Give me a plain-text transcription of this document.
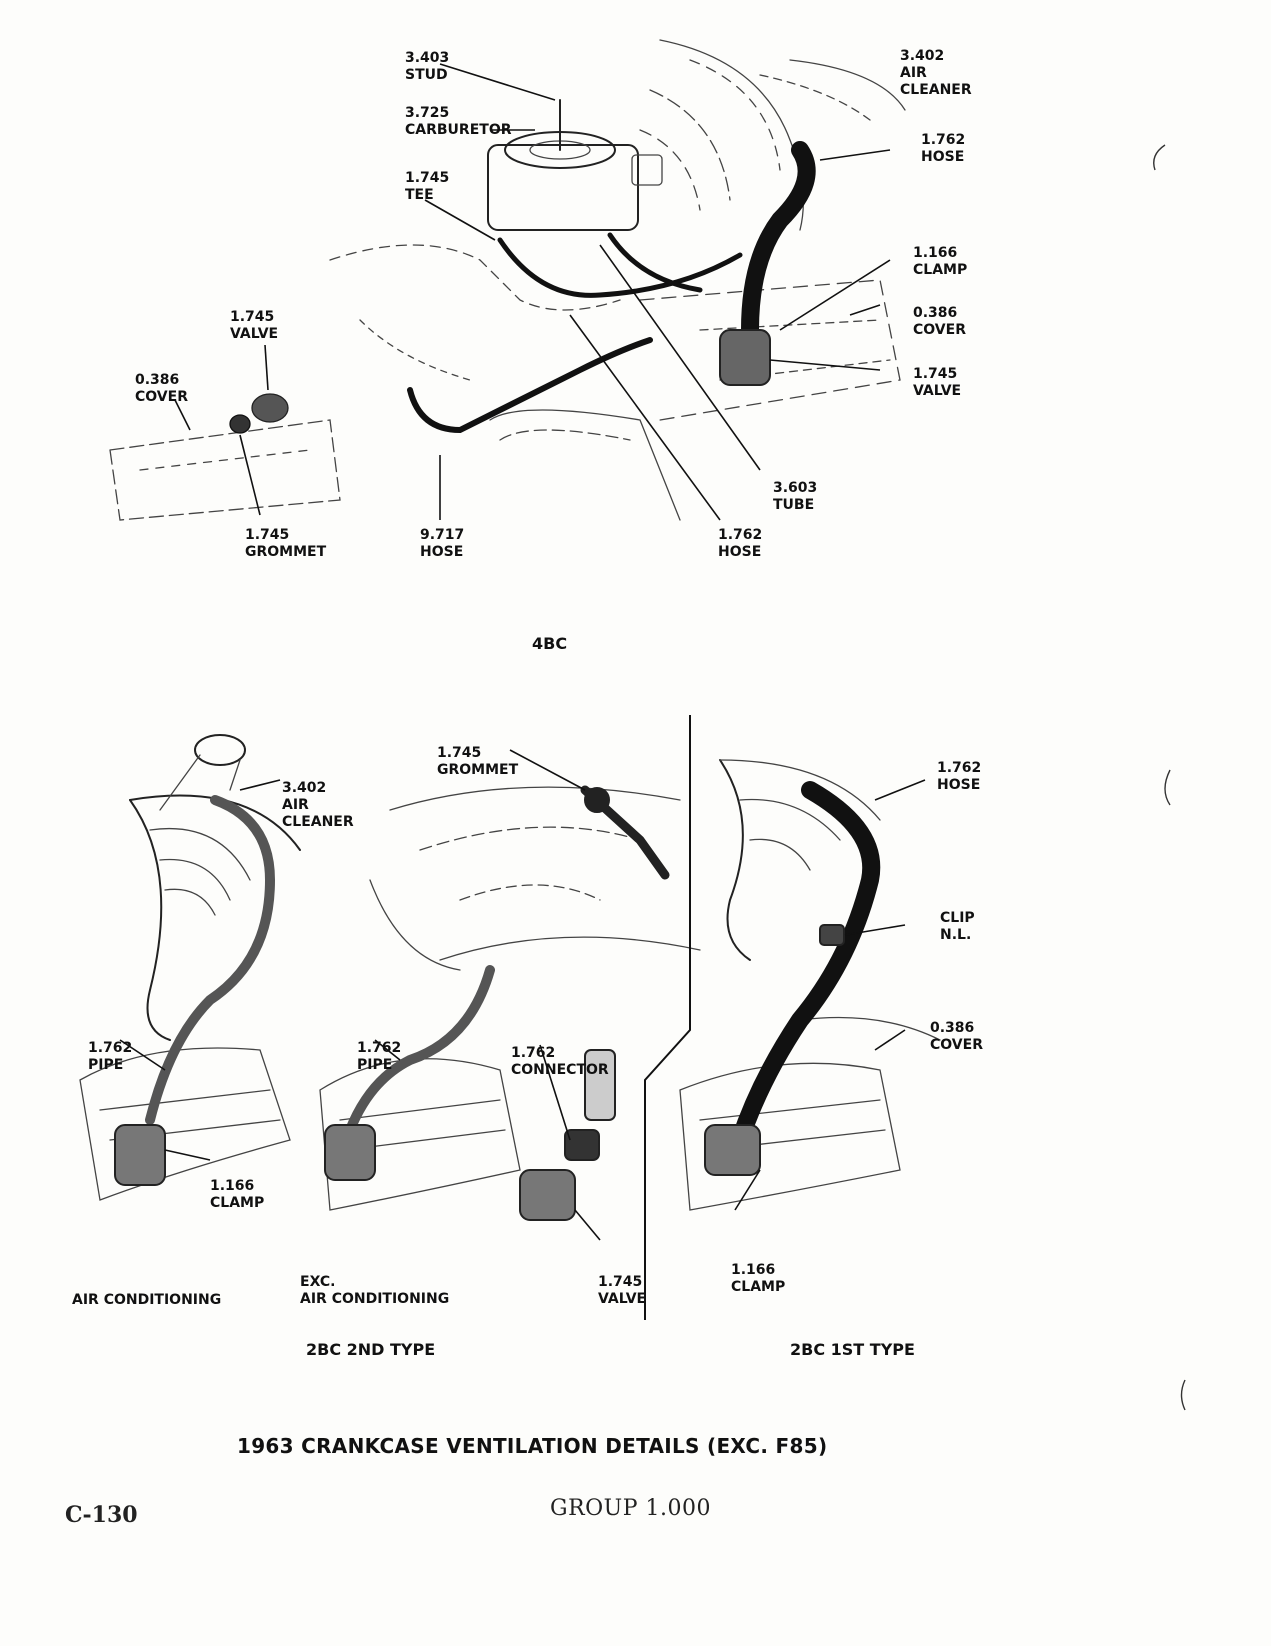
3.403
STUD
3.725
CARBURETOR
1.745
TEE
3.402
AIR
CLEANER
1.762
HOSE
1.166
CLAMP
0.386
COVER
1.745
VALVE
3.603
TUBE
1.762
HOSE
9.717
HOSE
1.745
VALVE
0.386
COVER
1.745
GROMMET
4BC
3.402
AIR
CLEANER
1.745
GROMMET
1.762
PIPE
1.166
CLAMP
1.762
PIPE
1.762
CONNECTOR
1.745
VALVE
AIR CONDITIONING
EXC.
AIR CONDITIONING
2BC 2ND TYPE
1.762
HOSE
CLIP
N.L.
0.386
COVER
1.166
CLAMP
2BC 1ST TYPE
1963 CRANKCASE VENTILATION DETAILS (EXC. F85)
C-130	GROUP 1.000
